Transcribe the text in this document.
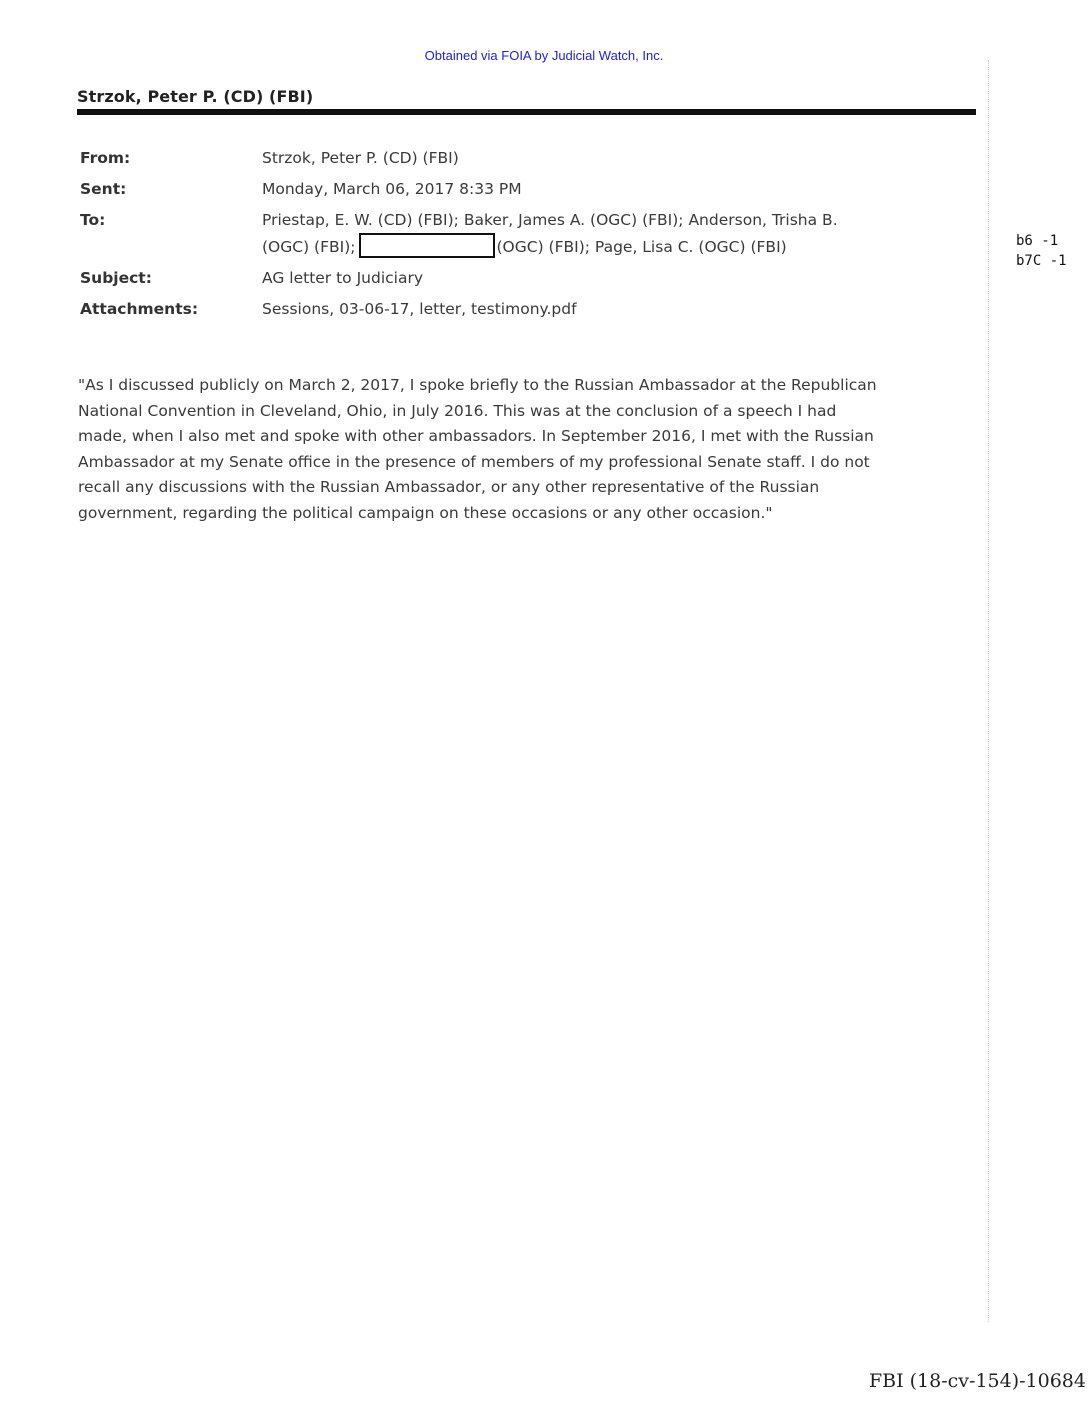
Obtained via FOIA by Judicial Watch, Inc.
Strzok, Peter P. (CD) (FBI)
From:	Strzok, Peter P. (CD) (FBI)
Sent:	Monday, March 06, 2017 8:33 PM
To:	Priestap, E. W. (CD) (FBI); Baker, James A. (OGC) (FBI); Anderson, Trisha B.
(OGC) (FBI);	(OGC) (FBI); Page, Lisa C. (OGC) (FBI)
Subject:	AG letter to Judiciary
Attachments:	Sessions, 03-06-17, letter, testimony.pdf
b6 -1
b7C -1
"As I discussed publicly on March 2, 2017, I spoke briefly to the Russian Ambassador at the Republican
National Convention in Cleveland, Ohio, in July 2016. This was at the conclusion of a speech I had
made, when I also met and spoke with other ambassadors. In September 2016, I met with the Russian
Ambassador at my Senate office in the presence of members of my professional Senate staff. I do not
recall any discussions with the Russian Ambassador, or any other representative of the Russian
government, regarding the political campaign on these occasions or any other occasion."
FBI (18-cv-154)-10684
